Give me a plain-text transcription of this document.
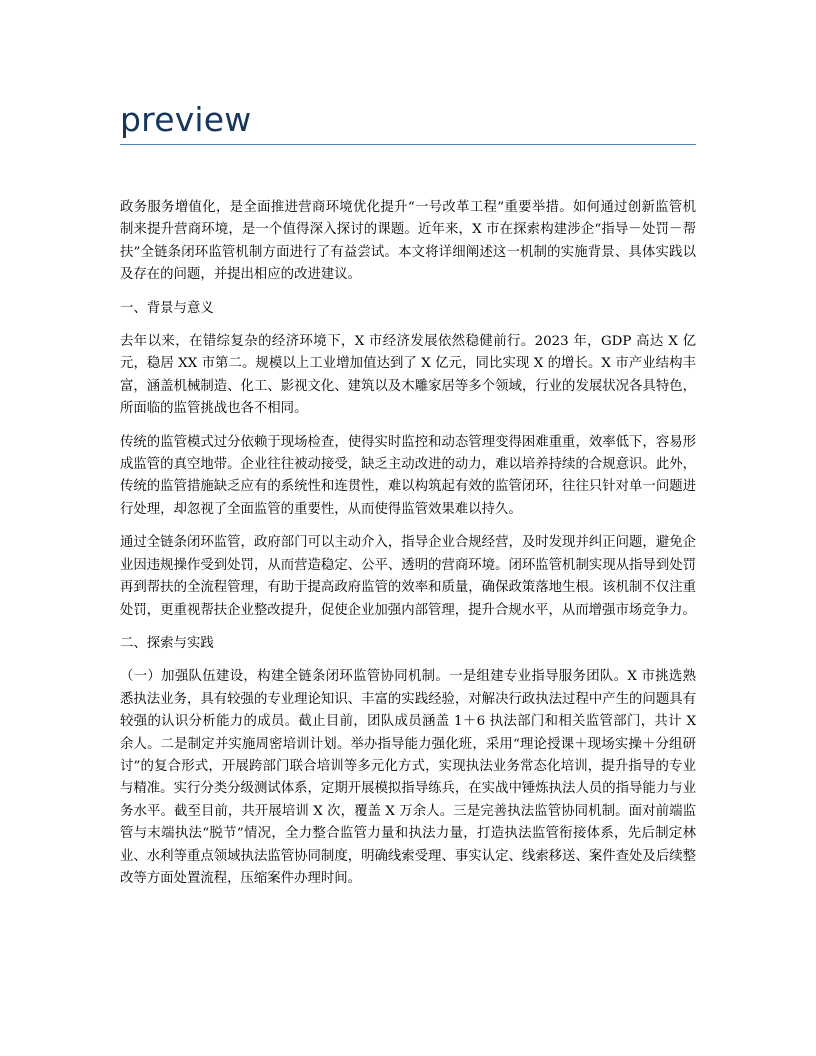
preview

政务服务增值化，是全面推进营商环境优化提升“一号改革工程”重要举措。如何通过创新监管机制来提升营商环境，是一个值得深入探讨的课题。近年来，X 市在探索构建涉企“指导－处罚－帮扶”全链条闭环监管机制方面进行了有益尝试。本文将详细阐述这一机制的实施背景、具体实践以及存在的问题，并提出相应的改进建议。

一、背景与意义

去年以来，在错综复杂的经济环境下，X 市经济发展依然稳健前行。2023 年，GDP 高达 X 亿元，稳居 XX 市第二。规模以上工业增加值达到了 X 亿元，同比实现 X 的增长。X 市产业结构丰富，涵盖机械制造、化工、影视文化、建筑以及木雕家居等多个领域，行业的发展状况各具特色，所面临的监管挑战也各不相同。

传统的监管模式过分依赖于现场检查，使得实时监控和动态管理变得困难重重，效率低下，容易形成监管的真空地带。企业往往被动接受，缺乏主动改进的动力，难以培养持续的合规意识。此外，传统的监管措施缺乏应有的系统性和连贯性，难以构筑起有效的监管闭环，往往只针对单一问题进行处理，却忽视了全面监管的重要性，从而使得监管效果难以持久。

通过全链条闭环监管，政府部门可以主动介入，指导企业合规经营，及时发现并纠正问题，避免企业因违规操作受到处罚，从而营造稳定、公平、透明的营商环境。闭环监管机制实现从指导到处罚再到帮扶的全流程管理，有助于提高政府监管的效率和质量，确保政策落地生根。该机制不仅注重处罚，更重视帮扶企业整改提升，促使企业加强内部管理，提升合规水平，从而增强市场竞争力。

二、探索与实践

（一）加强队伍建设，构建全链条闭环监管协同机制。一是组建专业指导服务团队。X 市挑选熟悉执法业务，具有较强的专业理论知识、丰富的实践经验，对解决行政执法过程中产生的问题具有较强的认识分析能力的成员。截止目前，团队成员涵盖 1＋6 执法部门和相关监管部门，共计 X 余人。二是制定并实施周密培训计划。举办指导能力强化班，采用“理论授课＋现场实操＋分组研讨”的复合形式，开展跨部门联合培训等多元化方式，实现执法业务常态化培训，提升指导的专业与精准。实行分类分级测试体系，定期开展模拟指导练兵，在实战中锤炼执法人员的指导能力与业务水平。截至目前，共开展培训 X 次，覆盖 X 万余人。三是完善执法监管协同机制。面对前端监管与末端执法“脱节”情况，全力整合监管力量和执法力量，打造执法监管衔接体系，先后制定林业、水利等重点领域执法监管协同制度，明确线索受理、事实认定、线索移送、案件查处及后续整改等方面处置流程，压缩案件办理时间。
